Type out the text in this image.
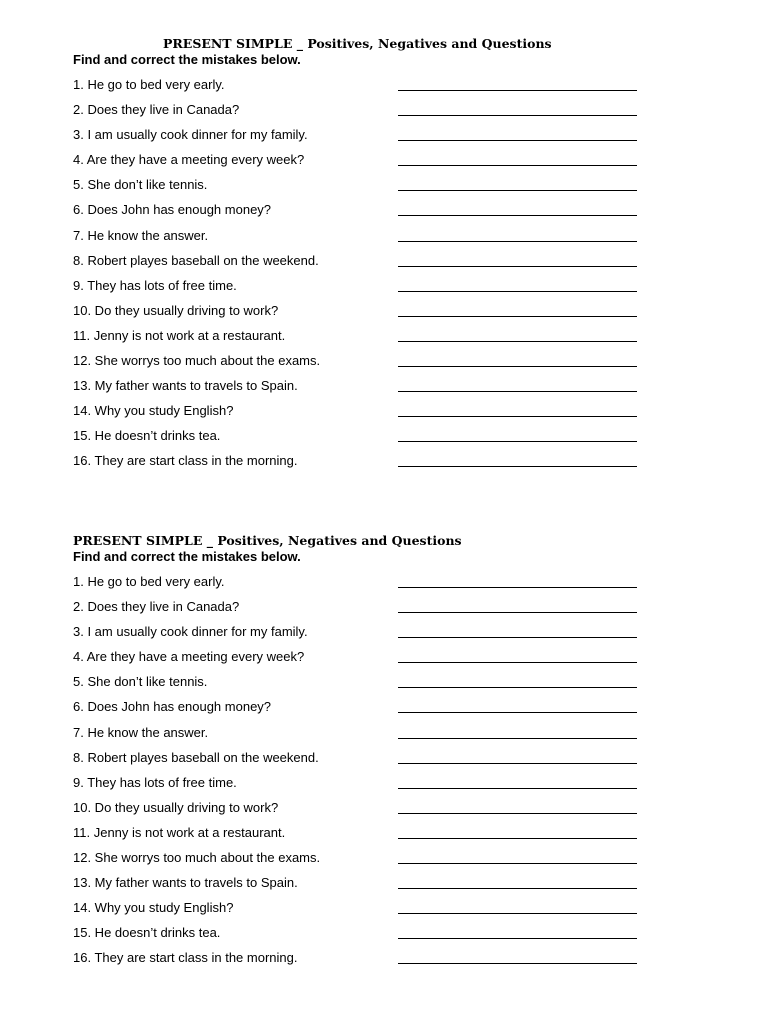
PRESENT SIMPLE _ Positives, Negatives and Questions
Find and correct the mistakes below.
1. He go to bed very early.
2. Does they live in Canada?
3. I am usually cook dinner for my family.
4. Are they have a meeting every week?
5. She don’t like tennis.
6. Does John has enough money?
7. He know the answer.
8. Robert playes baseball on the weekend.
9. They has lots of free time.
10. Do they usually driving to work?
11. Jenny is not work at a restaurant.
12. She worrys too much about the exams.
13. My father wants to travels to Spain.
14. Why you study English?
15. He doesn’t drinks tea.
16. They are start class in the morning.
PRESENT SIMPLE _ Positives, Negatives and Questions
Find and correct the mistakes below.
1. He go to bed very early.
2. Does they live in Canada?
3. I am usually cook dinner for my family.
4. Are they have a meeting every week?
5. She don’t like tennis.
6. Does John has enough money?
7. He know the answer.
8. Robert playes baseball on the weekend.
9. They has lots of free time.
10. Do they usually driving to work?
11. Jenny is not work at a restaurant.
12. She worrys too much about the exams.
13. My father wants to travels to Spain.
14. Why you study English?
15. He doesn’t drinks tea.
16. They are start class in the morning.
